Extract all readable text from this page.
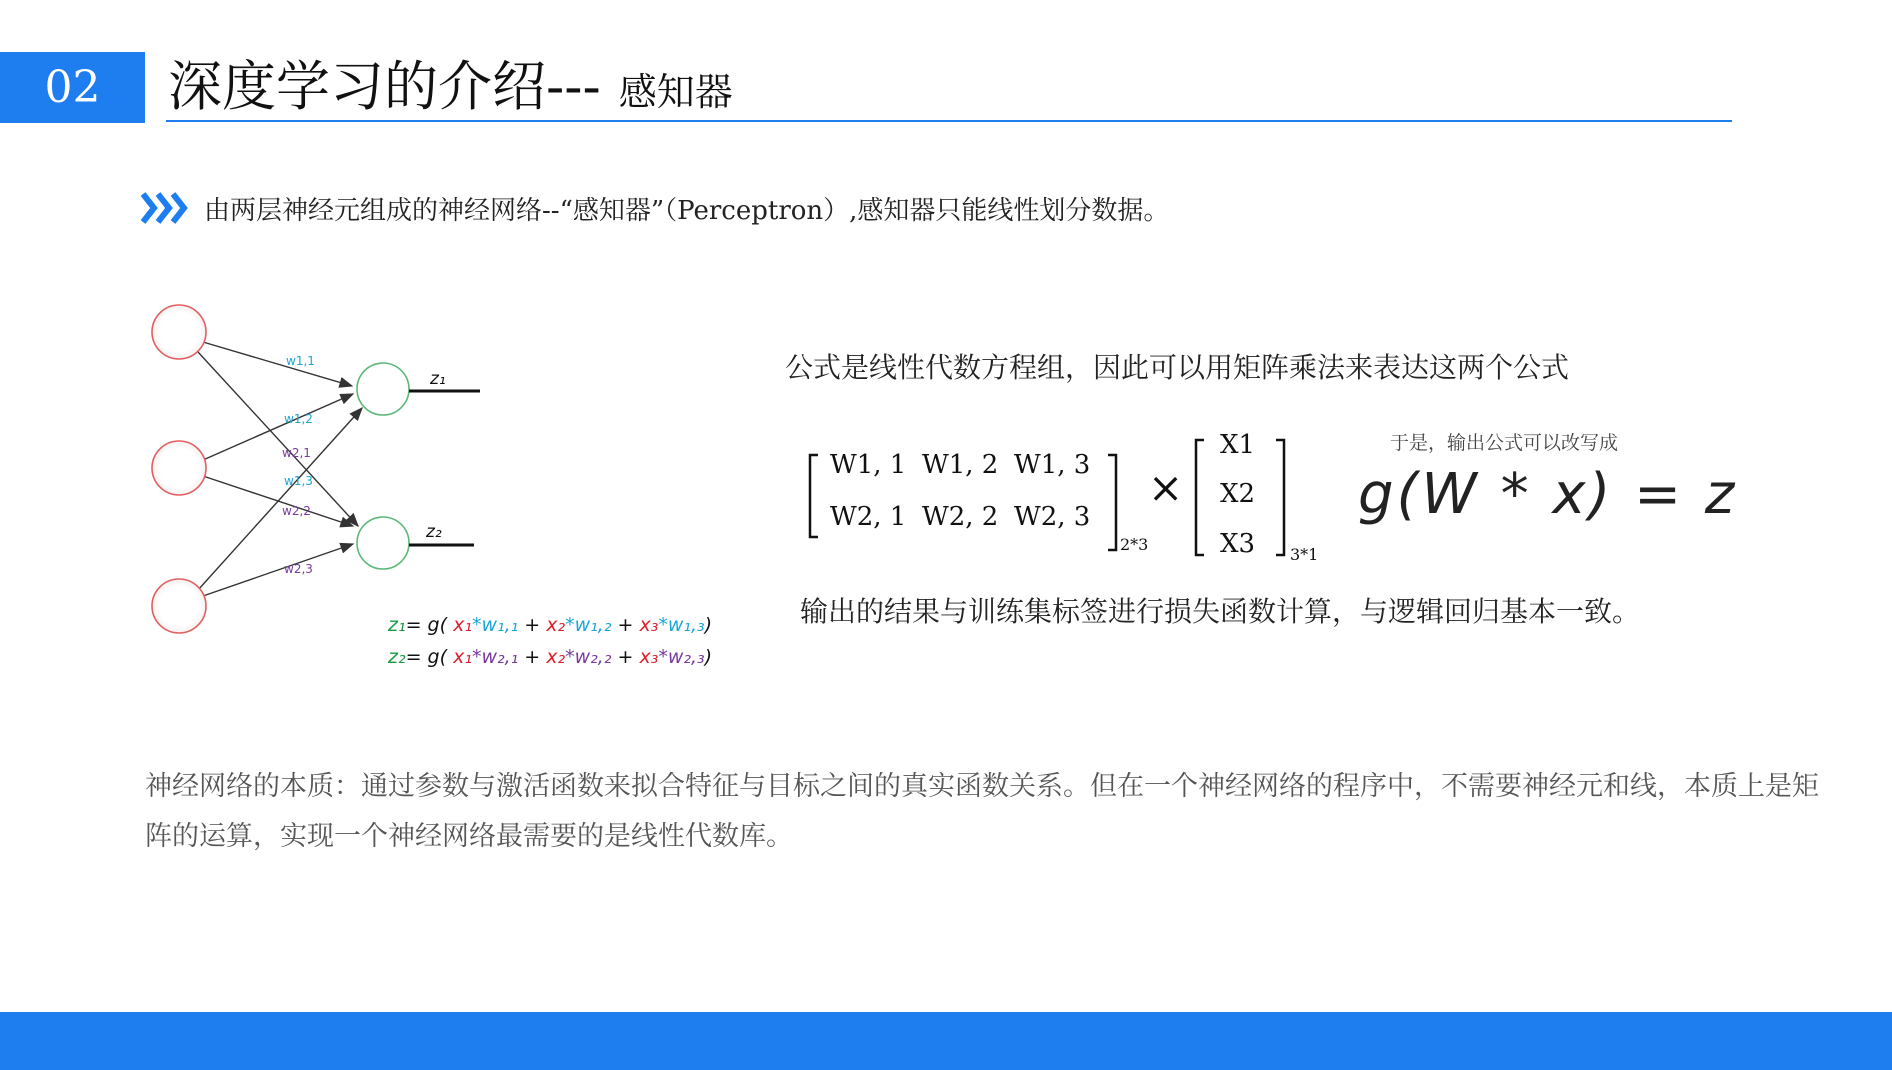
02	深度学习的介绍--- 感知器
由两层神经元组成的神经网络--“感知器”（Perceptron）,感知器只能线性划分数据。
z₁
z₂
w1,1
w1,2
w2,1
w1,3
w2,2
w2,3
z₁= g( x₁*w₁,₁ + x₂*w₁,₂ + x₃*w₁,₃)
z₂= g( x₁*w₂,₁ + x₂*w₂,₂ + x₃*w₂,₃)
公式是线性代数方程组，因此可以用矩阵乘法来表达这两个公式
W1, 1 W1, 2 W1, 3
W2, 1 W2, 2 W2, 3
2*3
×
X1
X2
X3 3*1
于是，输出公式可以改写成
g(W * x) = z
输出的结果与训练集标签进行损失函数计算，与逻辑回归基本一致。
神经网络的本质：通过参数与激活函数来拟合特征与目标之间的真实函数关系。但在一个神经网络的程序中，不需要神经元和线，本质上是矩阵的运算，实现一个神经网络最需要的是线性代数库。
